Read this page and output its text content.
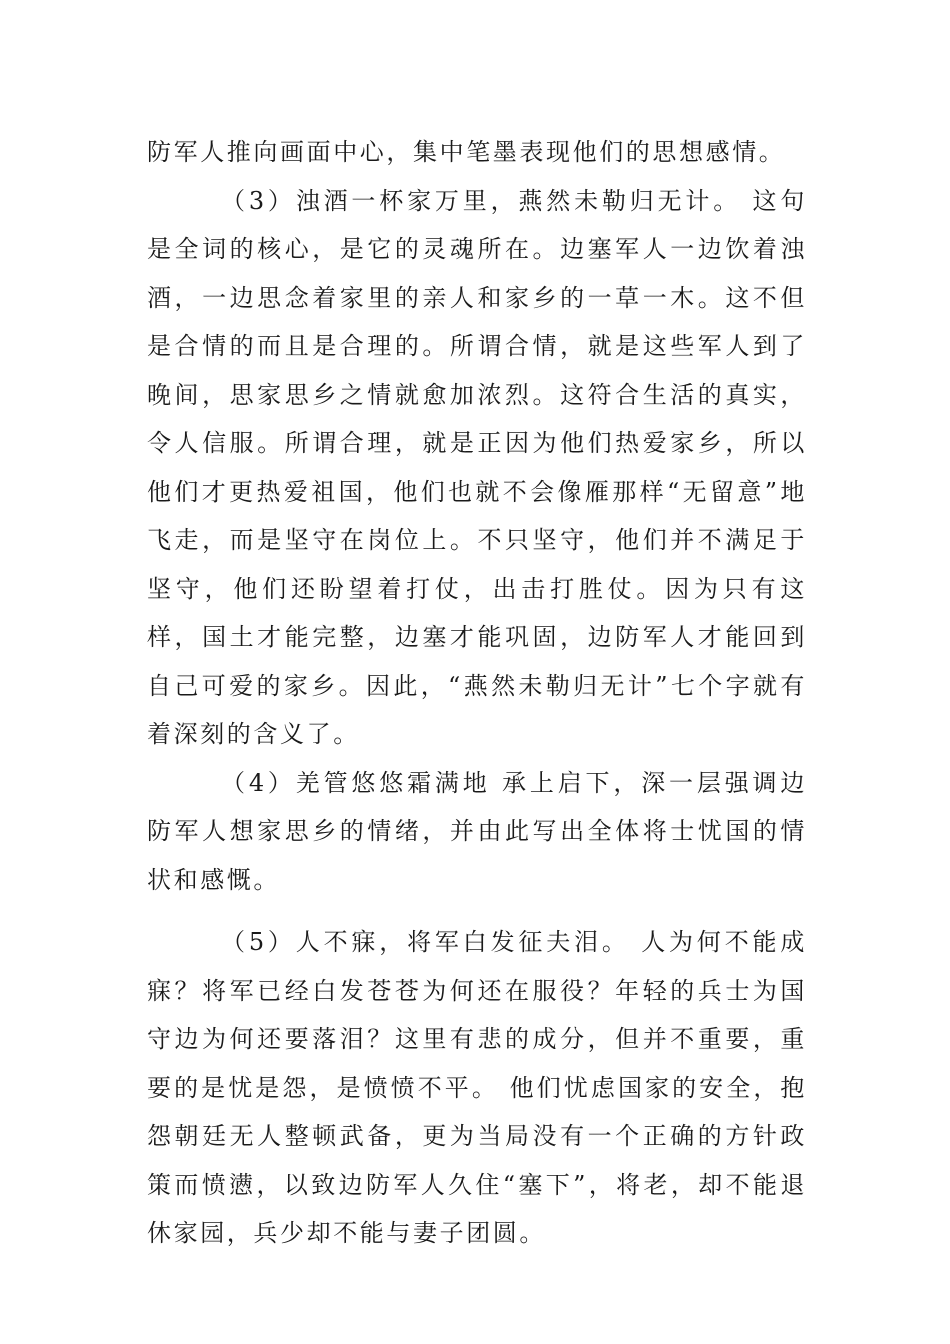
防军人推向画面中心，集中笔墨表现他们的思想感情。

（3）浊酒一杯家万里，燕然未勒归无计。 这句是全词的核心，是它的灵魂所在。边塞军人一边饮着浊酒，一边思念着家里的亲人和家乡的一草一木。这不但是合情的而且是合理的。所谓合情，就是这些军人到了晚间，思家思乡之情就愈加浓烈。这符合生活的真实，令人信服。所谓合理，就是正因为他们热爱家乡，所以他们才更热爱祖国，他们也就不会像雁那样“无留意”地飞走，而是坚守在岗位上。不只坚守，他们并不满足于坚守，他们还盼望着打仗，出击打胜仗。因为只有这样，国土才能完整，边塞才能巩固，边防军人才能回到自己可爱的家乡。因此，“燕然未勒归无计”七个字就有着深刻的含义了。

（4）羌管悠悠霜满地 承上启下，深一层强调边防军人想家思乡的情绪，并由此写出全体将士忧国的情状和感慨。

（5）人不寐，将军白发征夫泪。 人为何不能成寐？将军已经白发苍苍为何还在服役？年轻的兵士为国守边为何还要落泪？这里有悲的成分，但并不重要，重要的是忧是怨，是愤愤不平。 他们忧虑国家的安全，抱怨朝廷无人整顿武备，更为当局没有一个正确的方针政策而愤懑，以致边防军人久住“塞下”，将老，却不能退休家园，兵少却不能与妻子团圆。
